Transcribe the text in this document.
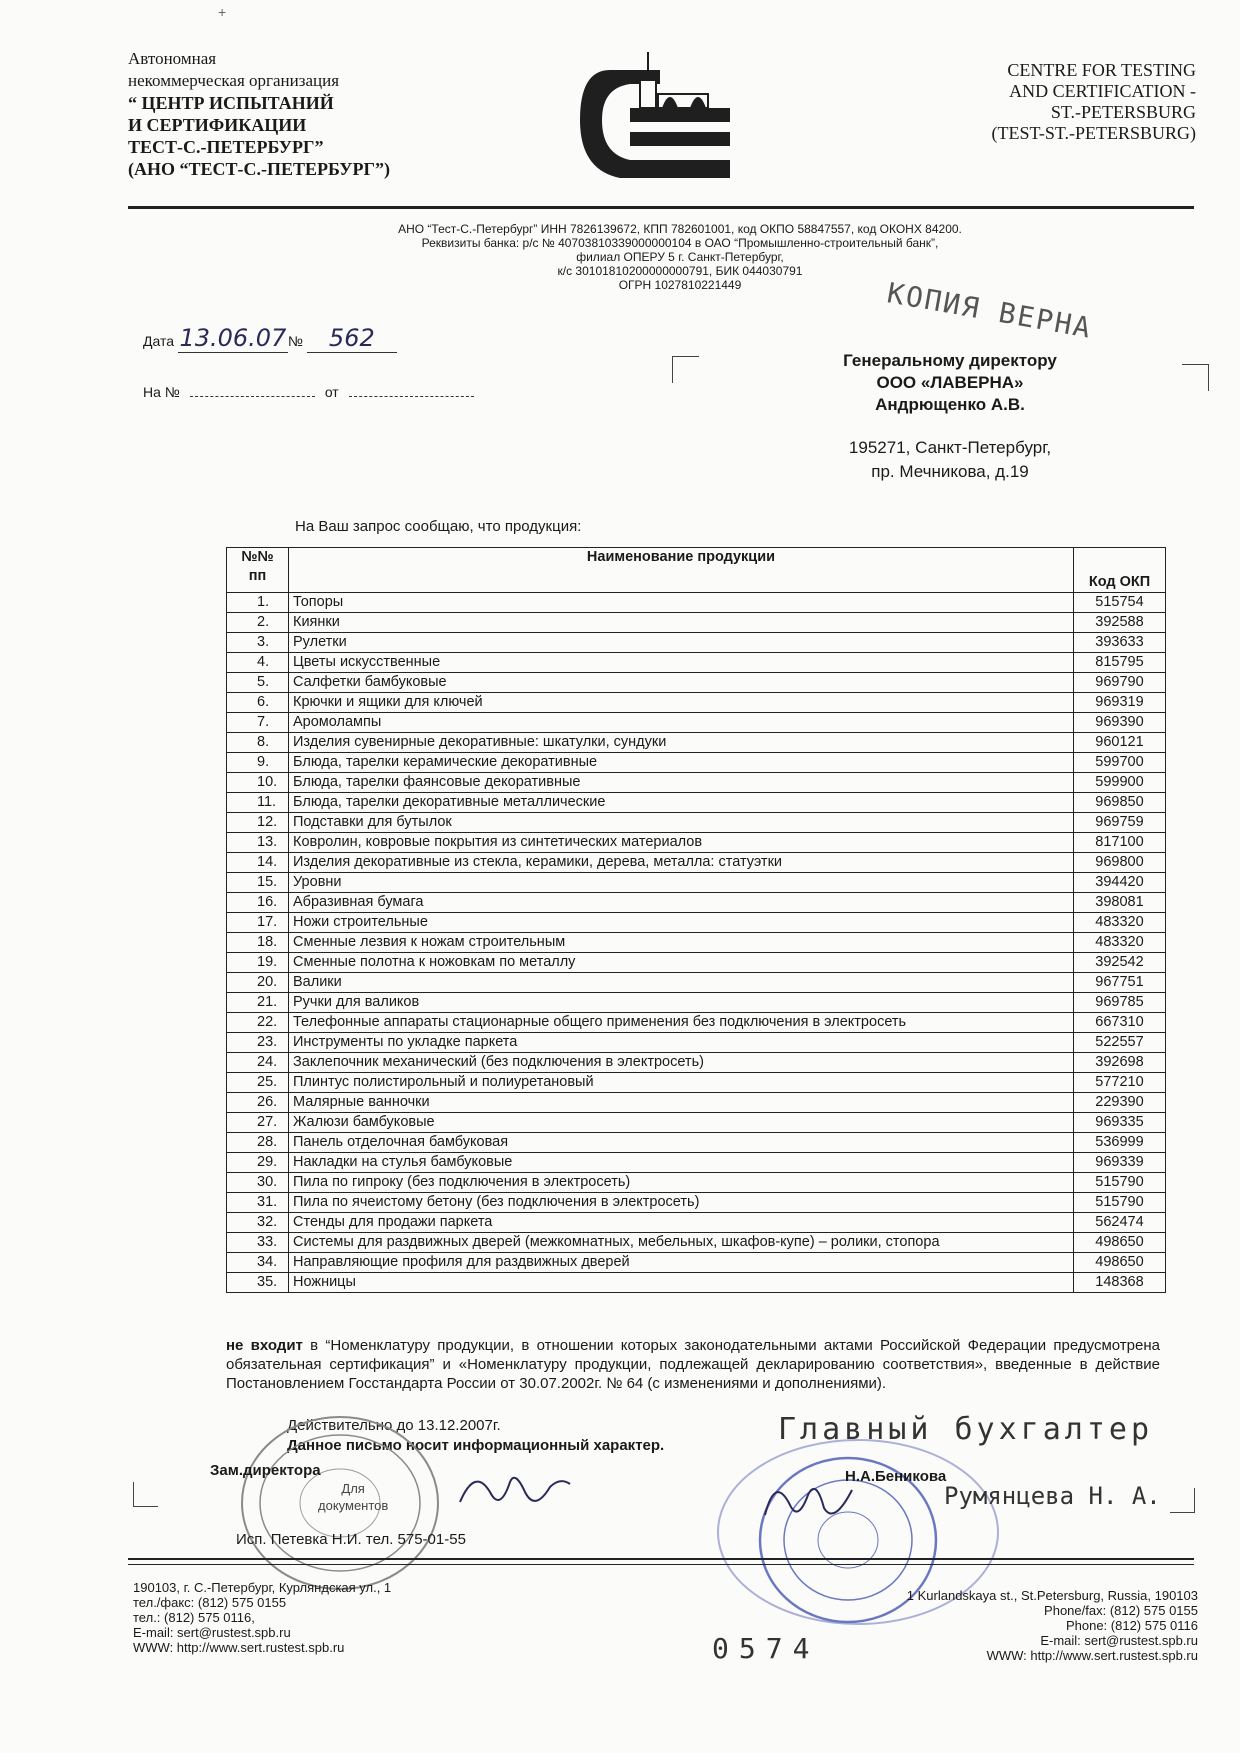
+
Автономная
некоммерческая организация
“ ЦЕНТР ИСПЫТАНИЙ
И СЕРТИФИКАЦИИ
ТЕСТ-С.-ПЕТЕРБУРГ”
(АНО “ТЕСТ-С.-ПЕТЕРБУРГ”)
CENTRE FOR TESTING
AND CERTIFICATION -
ST.-PETERSBURG
(TEST-ST.-PETERSBURG)
АНО “Тест-С.-Петербург” ИНН 7826139672, КПП 782601001, код ОКПО 58847557, код ОКОНХ 84200.
Реквизиты банка: р/с № 40703810339000000104 в ОАО “Промышленно-строительный банк”,
филиал ОПЕРУ 5 г. Санкт-Петербург,
к/с 30101810200000000791, БИК 044030791
ОГРН 1027810221449
Дата 13.06.07 № 562
На №	от
КОПИЯ ВЕРНА
Генеральному директору
ООО «ЛАВЕРНА»
Андрющенко А.В.
195271, Санкт-Петербург,
пр. Мечникова, д.19
На Ваш запрос сообщаю, что продукция:
№№ пп	Наименование продукции	Код ОКП
1.	Топоры	515754
2.	Киянки	392588
3.	Рулетки	393633
4.	Цветы искусственные	815795
5.	Салфетки бамбуковые	969790
6.	Крючки и ящики для ключей	969319
7.	Аромолампы	969390
8.	Изделия сувенирные декоративные: шкатулки, сундуки	960121
9.	Блюда, тарелки керамические декоративные	599700
10.	Блюда, тарелки фаянсовые декоративные	599900
11.	Блюда, тарелки декоративные металлические	969850
12.	Подставки для бутылок	969759
13.	Ковролин, ковровые покрытия из синтетических материалов	817100
14.	Изделия декоративные из стекла, керамики, дерева, металла: статуэтки	969800
15.	Уровни	394420
16.	Абразивная бумага	398081
17.	Ножи строительные	483320
18.	Сменные лезвия к ножам строительным	483320
19.	Сменные полотна к ножовкам по металлу	392542
20.	Валики	967751
21.	Ручки для валиков	969785
22.	Телефонные аппараты стационарные общего применения без подключения в электросеть	667310
23.	Инструменты по укладке паркета	522557
24.	Заклепочник механический (без подключения в электросеть)	392698
25.	Плинтус полистирольный и полиуретановый	577210
26.	Малярные ванночки	229390
27.	Жалюзи бамбуковые	969335
28.	Панель отделочная бамбуковая	536999
29.	Накладки на стулья бамбуковые	969339
30.	Пила по гипроку (без подключения в электросеть)	515790
31.	Пила по ячеистому бетону (без подключения в электросеть)	515790
32.	Стенды для продажи паркета	562474
33.	Системы для раздвижных дверей (межкомнатных, мебельных, шкафов-купе) – ролики, стопора	498650
34.	Направляющие профиля для раздвижных дверей	498650
35.	Ножницы	148368
не входит в “Номенклатуру продукции, в отношении которых законодательными актами Российской Федерации предусмотрена обязательная сертификация” и «Номенклатуру продукции, подлежащей декларированию соответствия», введенные в действие Постановлением Госстандарта России от 30.07.2002г. № 64 (с изменениями и дополнениями).
Действительно до 13.12.2007г.
Данное письмо носит информационный характер.
Зам.директора
Для
документов
Главный бухгалтер
Н.А.Беникова
Румянцева Н. А.
Исп. Петевка Н.И. тел. 575-01-55
190103, г. С.-Петербург, Курляндская ул., 1
тел./факс: (812) 575 0155
тел.: (812) 575 0116,
E-mail: sert@rustest.spb.ru
WWW: http://www.sert.rustest.spb.ru
1 Kurlandskaya st., St.Petersburg, Russia, 190103
Phone/fax: (812) 575 0155
Phone: (812) 575 0116
E-mail: sert@rustest.spb.ru
WWW: http://www.sert.rustest.spb.ru
0574
